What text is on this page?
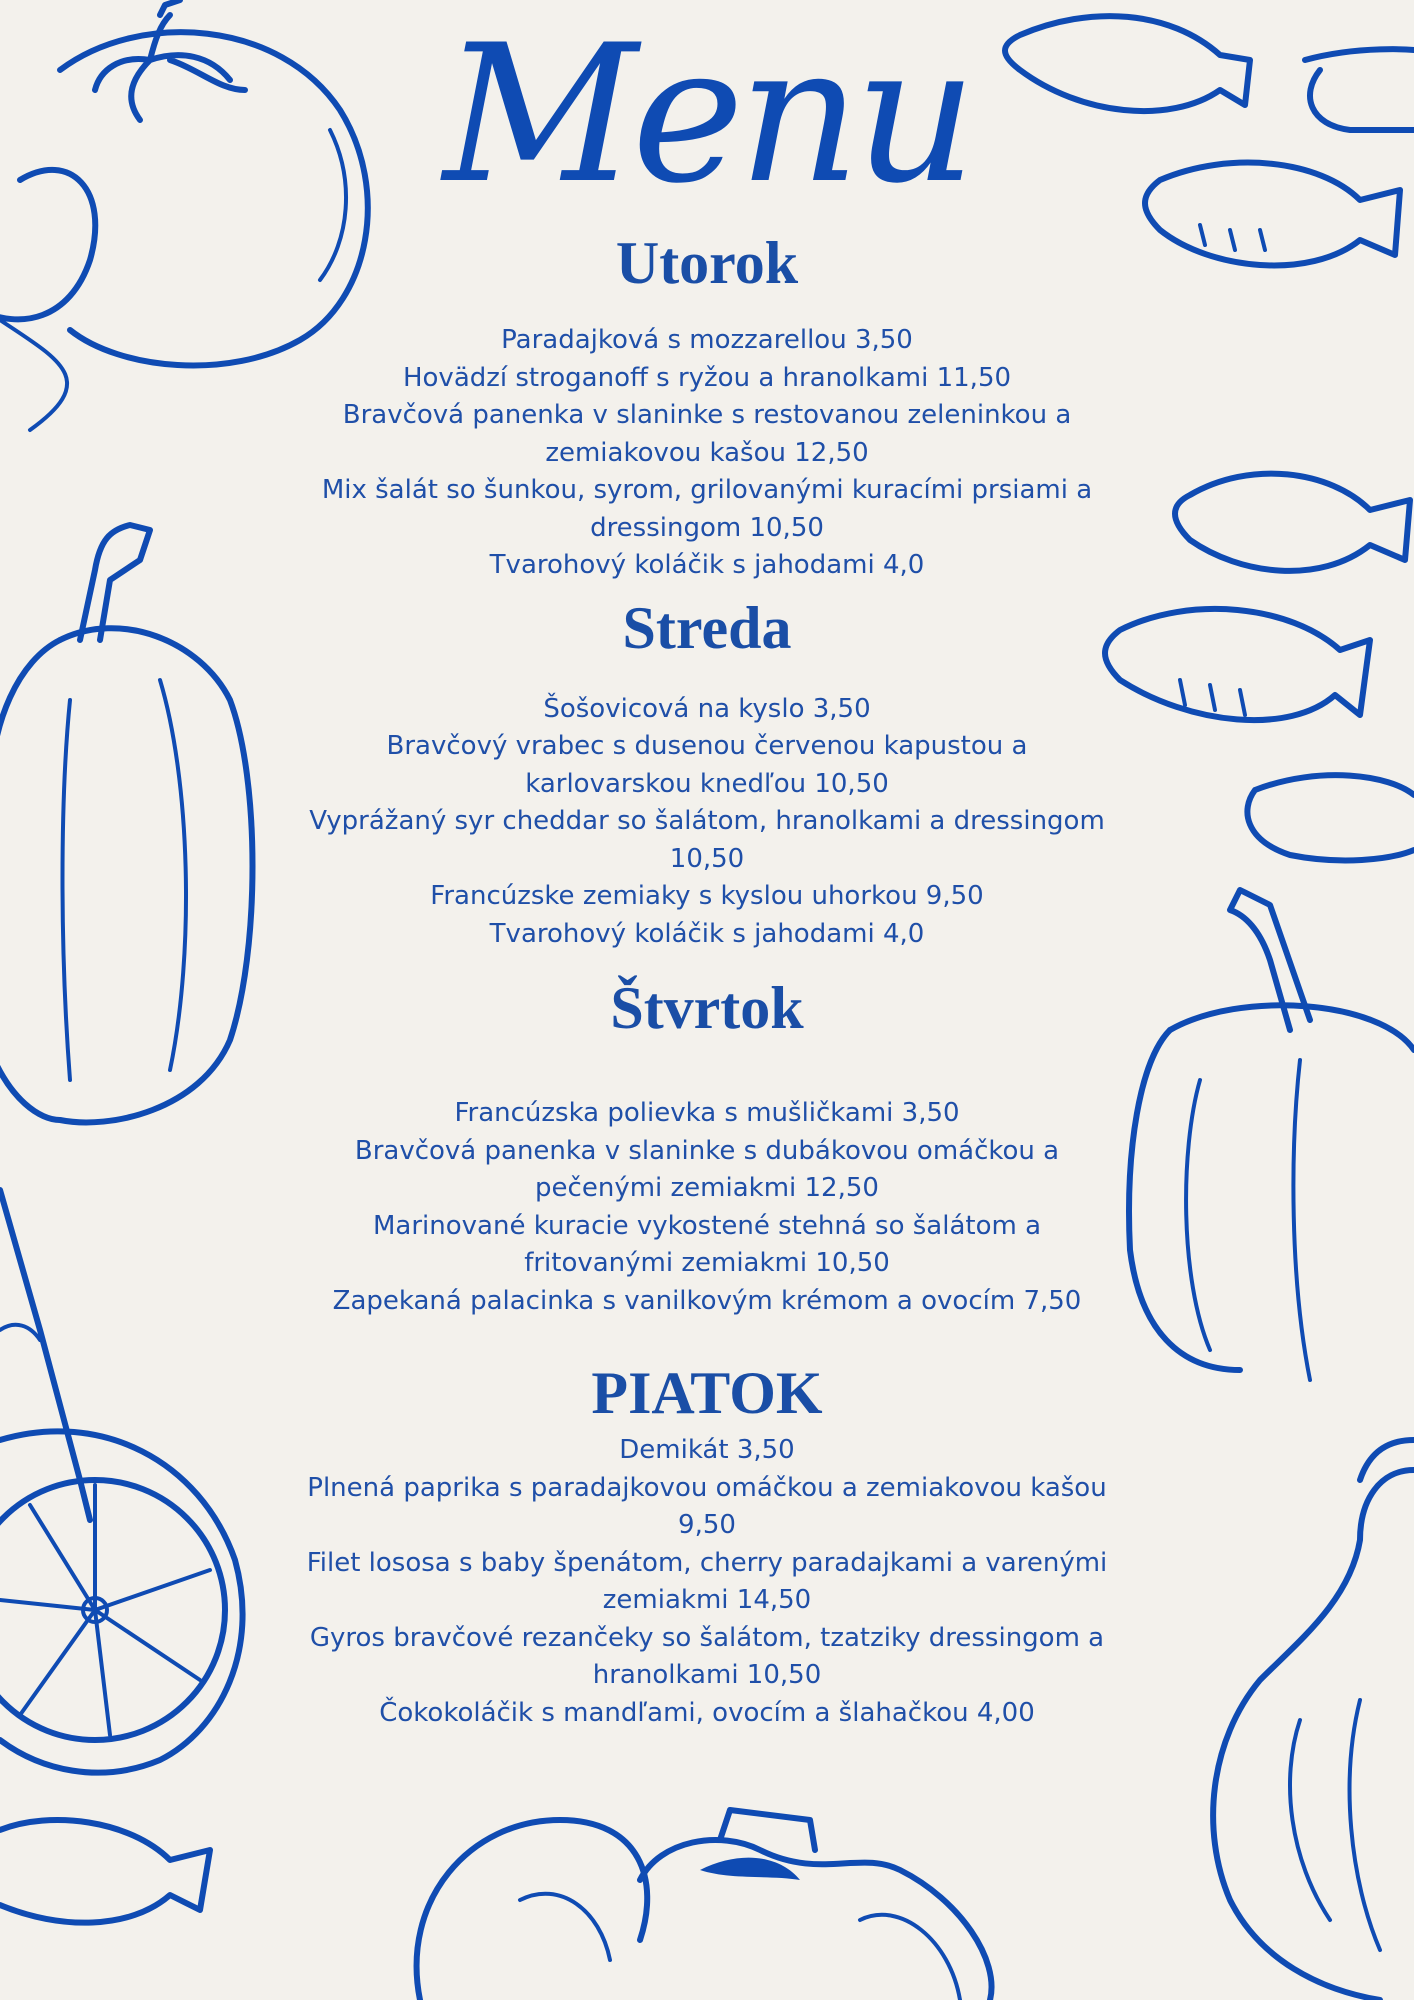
Menu
Utorok
Paradajková s mozzarellou 3,50
Hovädzí stroganoff s ryžou a hranolkami 11,50
Bravčová panenka v slaninke s restovanou zeleninkou a zemiakovou kašou 12,50
Mix šalát so šunkou, syrom, grilovanými kuracími prsiami a dressingom 10,50
Tvarohový koláčik s jahodami 4,0
Streda
Šošovicová na kyslo 3,50
Bravčový vrabec s dusenou červenou kapustou a karlovarskou knedľou 10,50
Vyprážaný syr cheddar so šalátom, hranolkami a dressingom 10,50
Francúzske zemiaky s kyslou uhorkou 9,50
Tvarohový koláčik s jahodami 4,0
Štvrtok
Francúzska polievka s mušličkami 3,50
Bravčová panenka v slaninke s dubákovou omáčkou a pečenými zemiakmi 12,50
Marinované kuracie vykostené stehná so šalátom a fritovanými zemiakmi 10,50
Zapekaná palacinka s vanilkovým krémom a ovocím 7,50
PIATOK
Demikát 3,50
Plnená paprika s paradajkovou omáčkou a zemiakovou kašou 9,50
Filet lososa s baby špenátom, cherry paradajkami a varenými zemiakmi 14,50
Gyros bravčové rezančeky so šalátom, tzatziky dressingom a hranolkami 10,50
Čokokoláčik s mandľami, ovocím a šlahačkou 4,00
